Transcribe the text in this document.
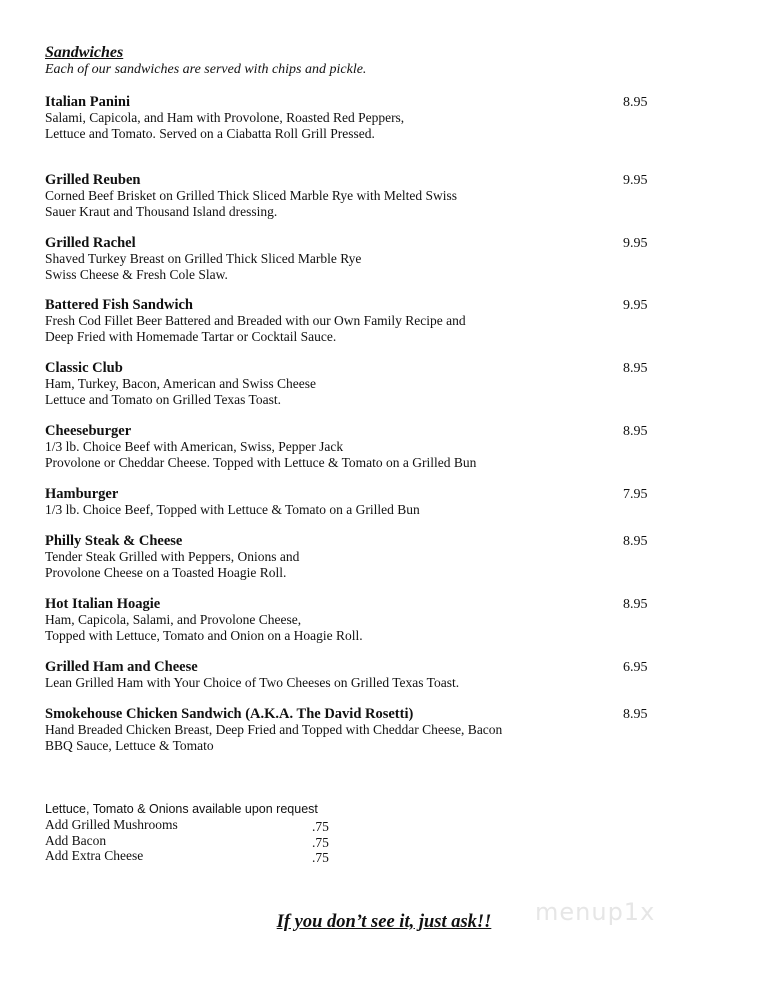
Sandwiches
Each of our sandwiches are served with chips and pickle.
Italian Panini
Salami, Capicola, and Ham with Provolone, Roasted Red Peppers,
Lettuce and Tomato. Served on a Ciabatta Roll Grill Pressed.
8.95
Grilled Reuben
Corned Beef Brisket on Grilled Thick Sliced Marble Rye with Melted Swiss
Sauer Kraut and Thousand Island dressing.
9.95
Grilled Rachel
Shaved Turkey Breast on Grilled Thick Sliced Marble Rye
Swiss Cheese & Fresh Cole Slaw.
9.95
Battered Fish Sandwich
Fresh Cod Fillet Beer Battered and Breaded with our Own Family Recipe and
Deep Fried with Homemade Tartar or Cocktail Sauce.
9.95
Classic Club
Ham, Turkey, Bacon, American and Swiss Cheese
Lettuce and Tomato on Grilled Texas Toast.
8.95
Cheeseburger
1/3 lb. Choice Beef with American, Swiss, Pepper Jack
Provolone or Cheddar Cheese. Topped with Lettuce & Tomato on a Grilled Bun
8.95
Hamburger
1/3 lb. Choice Beef, Topped with Lettuce & Tomato on a Grilled Bun
7.95
Philly Steak & Cheese
Tender Steak Grilled with Peppers, Onions and
Provolone Cheese on a Toasted Hoagie Roll.
8.95
Hot Italian Hoagie
Ham, Capicola, Salami, and Provolone Cheese,
Topped with Lettuce, Tomato and Onion on a Hoagie Roll.
8.95
Grilled Ham and Cheese
Lean Grilled Ham with Your Choice of Two Cheeses on Grilled Texas Toast.
6.95
Smokehouse Chicken Sandwich (A.K.A. The David Rosetti)
Hand Breaded Chicken Breast, Deep Fried and Topped with Cheddar Cheese, Bacon
BBQ Sauce, Lettuce & Tomato
8.95
Lettuce, Tomato & Onions available upon request
Add Grilled Mushrooms	.75
Add Bacon	.75
Add Extra Cheese	.75
If you don’t see it, just ask!!	menup1x
